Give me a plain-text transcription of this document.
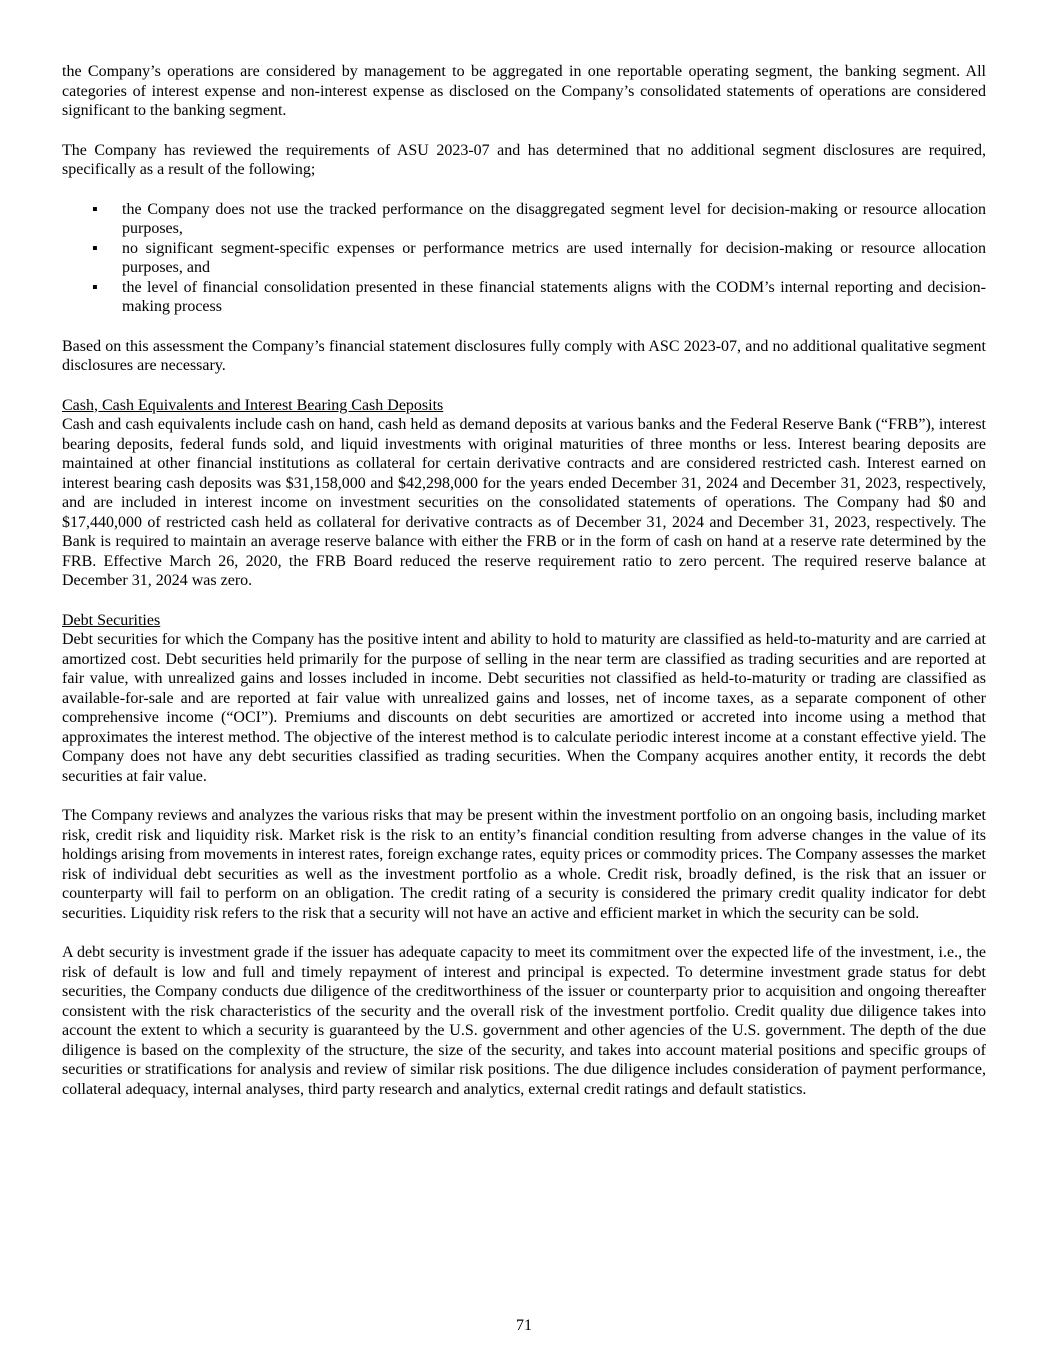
the Company’s operations are considered by management to be aggregated in one reportable operating segment, the banking segment. All categories of interest expense and non-interest expense as disclosed on the Company’s consolidated statements of operations are considered significant to the banking segment.

The Company has reviewed the requirements of ASU 2023-07 and has determined that no additional segment disclosures are required, specifically as a result of the following;

▪ the Company does not use the tracked performance on the disaggregated segment level for decision-making or resource allocation purposes,
▪ no significant segment-specific expenses or performance metrics are used internally for decision-making or resource allocation purposes, and
▪ the level of financial consolidation presented in these financial statements aligns with the CODM’s internal reporting and decision-making process

Based on this assessment the Company’s financial statement disclosures fully comply with ASC 2023-07, and no additional qualitative segment disclosures are necessary.

Cash, Cash Equivalents and Interest Bearing Cash Deposits

Cash and cash equivalents include cash on hand, cash held as demand deposits at various banks and the Federal Reserve Bank (“FRB”), interest bearing deposits, federal funds sold, and liquid investments with original maturities of three months or less. Interest bearing deposits are maintained at other financial institutions as collateral for certain derivative contracts and are considered restricted cash. Interest earned on interest bearing cash deposits was $31,158,000 and $42,298,000 for the years ended December 31, 2024 and December 31, 2023, respectively, and are included in interest income on investment securities on the consolidated statements of operations. The Company had $0 and $17,440,000 of restricted cash held as collateral for derivative contracts as of December 31, 2024 and December 31, 2023, respectively. The Bank is required to maintain an average reserve balance with either the FRB or in the form of cash on hand at a reserve rate determined by the FRB. Effective March 26, 2020, the FRB Board reduced the reserve requirement ratio to zero percent. The required reserve balance at December 31, 2024 was zero.

Debt Securities

Debt securities for which the Company has the positive intent and ability to hold to maturity are classified as held-to-maturity and are carried at amortized cost. Debt securities held primarily for the purpose of selling in the near term are classified as trading securities and are reported at fair value, with unrealized gains and losses included in income. Debt securities not classified as held-to-maturity or trading are classified as available-for-sale and are reported at fair value with unrealized gains and losses, net of income taxes, as a separate component of other comprehensive income (“OCI”). Premiums and discounts on debt securities are amortized or accreted into income using a method that approximates the interest method. The objective of the interest method is to calculate periodic interest income at a constant effective yield. The Company does not have any debt securities classified as trading securities. When the Company acquires another entity, it records the debt securities at fair value.

The Company reviews and analyzes the various risks that may be present within the investment portfolio on an ongoing basis, including market risk, credit risk and liquidity risk. Market risk is the risk to an entity’s financial condition resulting from adverse changes in the value of its holdings arising from movements in interest rates, foreign exchange rates, equity prices or commodity prices. The Company assesses the market risk of individual debt securities as well as the investment portfolio as a whole. Credit risk, broadly defined, is the risk that an issuer or counterparty will fail to perform on an obligation. The credit rating of a security is considered the primary credit quality indicator for debt securities. Liquidity risk refers to the risk that a security will not have an active and efficient market in which the security can be sold.

A debt security is investment grade if the issuer has adequate capacity to meet its commitment over the expected life of the investment, i.e., the risk of default is low and full and timely repayment of interest and principal is expected. To determine investment grade status for debt securities, the Company conducts due diligence of the creditworthiness of the issuer or counterparty prior to acquisition and ongoing thereafter consistent with the risk characteristics of the security and the overall risk of the investment portfolio. Credit quality due diligence takes into account the extent to which a security is guaranteed by the U.S. government and other agencies of the U.S. government. The depth of the due diligence is based on the complexity of the structure, the size of the security, and takes into account material positions and specific groups of securities or stratifications for analysis and review of similar risk positions. The due diligence includes consideration of payment performance, collateral adequacy, internal analyses, third party research and analytics, external credit ratings and default statistics.

71
